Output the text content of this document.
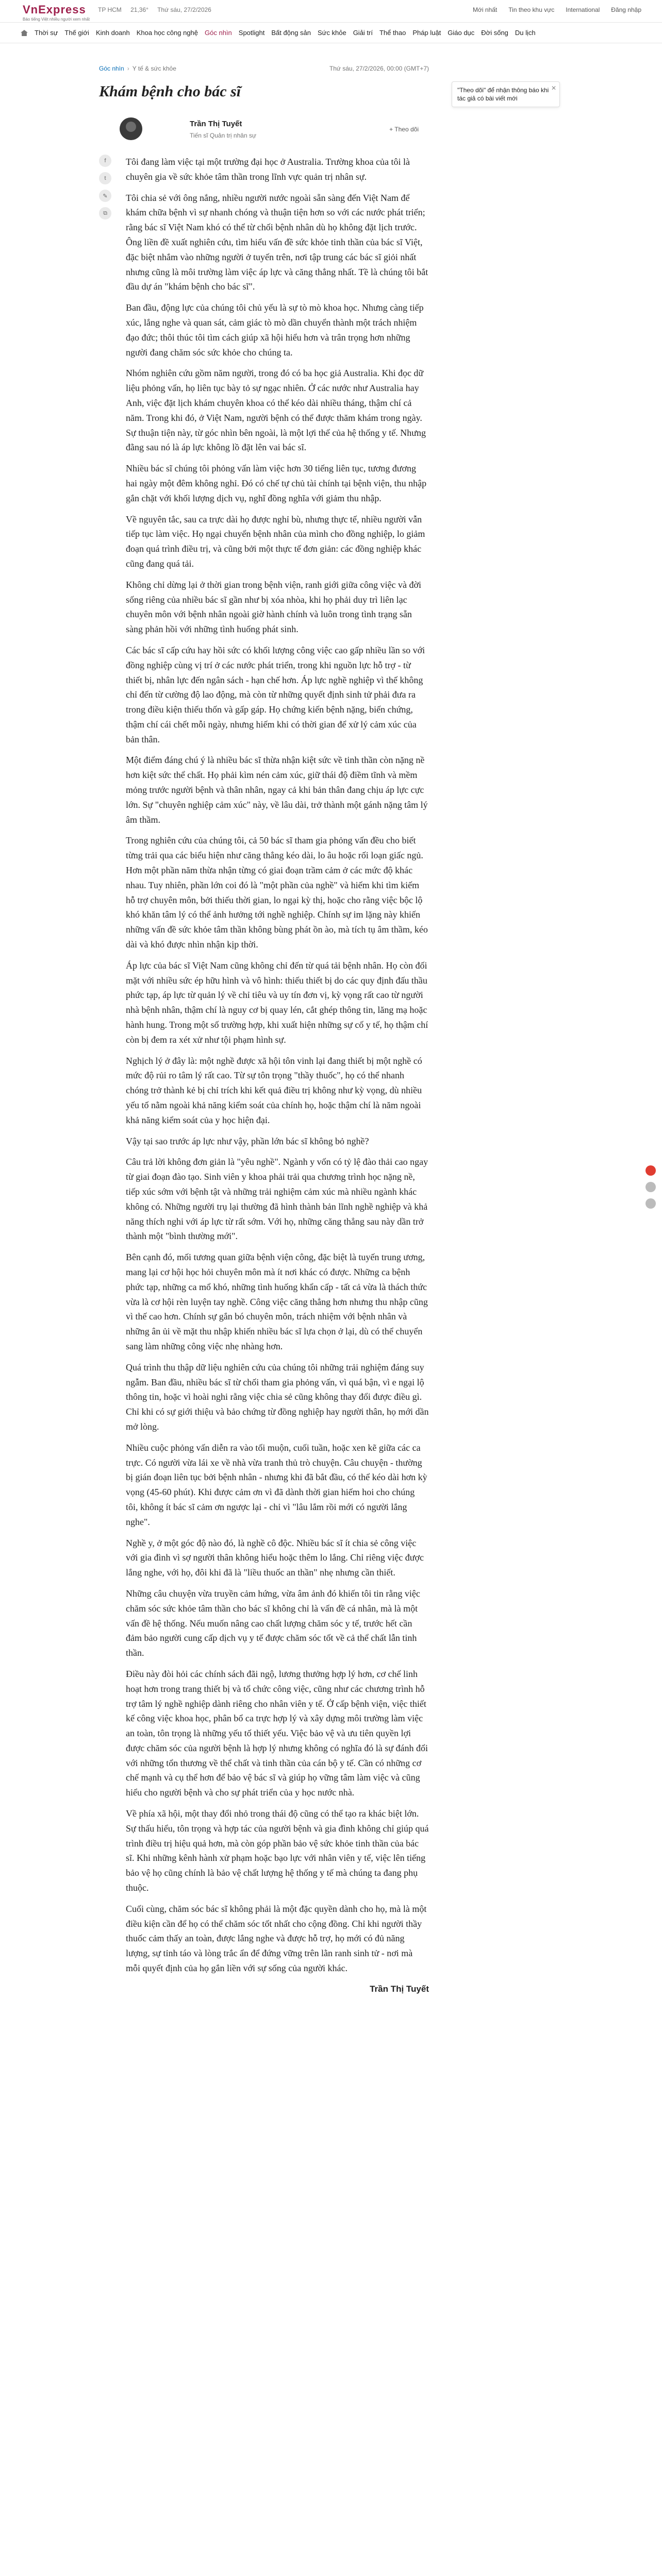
VnExpress
Báo tiếng Việt nhiều người xem nhất
TP HCM 21,36° Thứ sáu, 27/2/2026	Mới nhất Tin theo khu vực International Đăng nhập
Thời sự Thế giới Kinh doanh Khoa học công nghệ Góc nhìn Spotlight Bất động sản Sức khỏe Giải trí Thể thao Pháp luật Giáo dục Đời sống Du lịch
Góc nhìn › Y tế & sức khỏe	Thứ sáu, 27/2/2026, 00:00 (GMT+7)
Khám bệnh cho bác sĩ	"Theo dõi" để nhận thông báo khi tác giả có bài viết mới
✕
Trần Thị Tuyết
Tiến sĩ Quản trị nhân sự
+ Theo dõi
f
t
✎
⧉

Tôi đang làm việc tại một trường đại học ở Australia. Trường khoa của tôi là chuyên gia về sức khỏe tâm thần trong lĩnh vực quản trị nhân sự.

Tôi chia sẻ với ông nắng, nhiều người nước ngoài sẵn sàng đến Việt Nam để khám chữa bệnh vì sự nhanh chóng và thuận tiện hơn so với các nước phát triển; rằng bác sĩ Việt Nam khó có thể từ chối bệnh nhân dù họ không đặt lịch trước. Ông liền đề xuất nghiên cứu, tìm hiểu vấn đề sức khỏe tinh thần của bác sĩ Việt, đặc biệt nhắm vào những người ở tuyến trên, nơi tập trung các bác sĩ giỏi nhất nhưng cũng là môi trường làm việc áp lực và căng thẳng nhất. Tề là chúng tôi bắt đầu dự án "khám bệnh cho bác sĩ".

Ban đầu, động lực của chúng tôi chủ yếu là sự tò mò khoa học. Nhưng càng tiếp xúc, lắng nghe và quan sát, cảm giác tò mò dần chuyển thành một trách nhiệm đạo đức; thôi thúc tôi tìm cách giúp xã hội hiểu hơn và trân trọng hơn những người đang chăm sóc sức khỏe cho chúng ta.

Nhóm nghiên cứu gồm năm người, trong đó có ba học giả Australia. Khi đọc dữ liệu phỏng vấn, họ liên tục bày tỏ sự ngạc nhiên. Ở các nước như Australia hay Anh, việc đặt lịch khám chuyên khoa có thể kéo dài nhiều tháng, thậm chí cả năm. Trong khi đó, ở Việt Nam, người bệnh có thể được thăm khám trong ngày. Sự thuận tiện này, từ góc nhìn bên ngoài, là một lợi thế của hệ thống y tế. Nhưng đằng sau nó là áp lực không lồ đặt lên vai bác sĩ.

Nhiều bác sĩ chúng tôi phỏng vấn làm việc hơn 30 tiếng liên tục, tương đương hai ngày một đêm không nghỉ. Đó có chế tự chủ tài chính tại bệnh viện, thu nhập gắn chặt với khối lượng dịch vụ, nghĩ đồng nghĩa với giảm thu nhập.

Về nguyên tắc, sau ca trực dài họ được nghỉ bù, nhưng thực tế, nhiều người vẫn tiếp tục làm việc. Họ ngại chuyển bệnh nhân của mình cho đồng nghiệp, lo giảm đoạn quá trình điều trị, và cũng bởi một thực tế đơn giản: các đồng nghiệp khác cũng đang quá tải.

Không chỉ dừng lại ở thời gian trong bệnh viện, ranh giới giữa công việc và đời sống riêng của nhiều bác sĩ gần như bị xóa nhòa, khi họ phải duy trì liên lạc chuyên môn với bệnh nhân ngoài giờ hành chính và luôn trong tình trạng sẵn sàng phản hồi với những tình huống phát sinh.

Các bác sĩ cấp cứu hay hồi sức có khối lượng công việc cao gấp nhiều lần so với đồng nghiệp cùng vị trí ở các nước phát triển, trong khi nguồn lực hỗ trợ - từ thiết bị, nhân lực đến ngân sách - hạn chế hơn. Áp lực nghề nghiệp vì thế không chỉ đến từ cường độ lao động, mà còn từ những quyết định sinh tử phải đưa ra trong điều kiện thiếu thốn và gấp gáp. Họ chứng kiến bệnh nặng, biến chứng, thậm chí cái chết mỗi ngày, nhưng hiếm khi có thời gian để xử lý cảm xúc của bản thân.

Một điểm đáng chú ý là nhiều bác sĩ thừa nhận kiệt sức về tinh thần còn nặng nề hơn kiệt sức thể chất. Họ phải kìm nén cảm xúc, giữ thái độ điềm tĩnh và mềm mỏng trước người bệnh và thân nhân, ngay cả khi bản thân đang chịu áp lực cực lớn. Sự "chuyên nghiệp cảm xúc" này, về lâu dài, trở thành một gánh nặng tâm lý âm thầm.

Trong nghiên cứu của chúng tôi, cả 50 bác sĩ tham gia phỏng vấn đều cho biết từng trải qua các biểu hiện như căng thẳng kéo dài, lo âu hoặc rối loạn giấc ngủ. Hơn một phần năm thừa nhận từng có giai đoạn trầm cảm ở các mức độ khác nhau. Tuy nhiên, phần lớn coi đó là "một phần của nghề" và hiếm khi tìm kiếm hỗ trợ chuyên môn, bởi thiếu thời gian, lo ngại kỳ thị, hoặc cho rằng việc bộc lộ khó khăn tâm lý có thể ảnh hưởng tới nghề nghiệp. Chính sự im lặng này khiến những vấn đề sức khỏe tâm thần không bùng phát ồn ào, mà tích tụ âm thầm, kéo dài và khó được nhìn nhận kịp thời.

Áp lực của bác sĩ Việt Nam cũng không chỉ đến từ quá tải bệnh nhân. Họ còn đối mặt với nhiều sức ép hữu hình và vô hình: thiếu thiết bị do các quy định đấu thầu phức tạp, áp lực từ quản lý về chỉ tiêu và uy tín đơn vị, kỳ vọng rất cao từ người nhà bệnh nhân, thậm chí là nguy cơ bị quay lén, cắt ghép thông tin, lăng mạ hoặc hành hung. Trong một số trường hợp, khi xuất hiện những sự cố y tế, họ thậm chí còn bị đem ra xét xử như tội phạm hình sự.

Nghịch lý ở đây là: một nghề được xã hội tôn vinh lại đang thiết bị một nghề có mức độ rủi ro tâm lý rất cao. Từ sự tôn trọng "thầy thuốc", họ có thể nhanh chóng trở thành kẻ bị chỉ trích khi kết quả điều trị không như kỳ vọng, dù nhiều yếu tố nằm ngoài khả năng kiểm soát của chính họ, hoặc thậm chí là năm ngoài khả năng kiểm soát của y học hiện đại.

Vậy tại sao trước áp lực như vậy, phần lớn bác sĩ không bỏ nghề?

Câu trả lời không đơn giản là "yêu nghề". Ngành y vốn có tỷ lệ đào thải cao ngay từ giai đoạn đào tạo. Sinh viên y khoa phải trải qua chương trình học nặng nề, tiếp xúc sớm với bệnh tật và những trải nghiệm cảm xúc mà nhiều ngành khác không có. Những người trụ lại thường đã hình thành bản lĩnh nghề nghiệp và khả năng thích nghi với áp lực từ rất sớm. Với họ, những căng thẳng sau này dần trở thành một "bình thường mới".

Bên cạnh đó, mối tương quan giữa bệnh viện công, đặc biệt là tuyến trung ương, mang lại cơ hội học hỏi chuyên môn mà ít nơi khác có được. Những ca bệnh phức tạp, những ca mổ khó, những tình huống khẩn cấp - tất cả vừa là thách thức vừa là cơ hội rèn luyện tay nghề. Công việc căng thẳng hơn nhưng thu nhập cũng vì thế cao hơn. Chính sự gắn bó chuyên môn, trách nhiệm với bệnh nhân và những ân ủi về mặt thu nhập khiến nhiều bác sĩ lựa chọn ở lại, dù có thể chuyển sang làm những công việc nhẹ nhàng hơn.

Quá trình thu thập dữ liệu nghiên cứu của chúng tôi những trải nghiệm đáng suy ngẫm. Ban đầu, nhiều bác sĩ từ chối tham gia phỏng vấn, vì quá bận, vì e ngại lộ thông tin, hoặc vì hoài nghi rằng việc chia sẻ cũng không thay đổi được điều gì. Chỉ khi có sự giới thiệu và bảo chứng từ đồng nghiệp hay người thân, họ mới dần mở lòng.

Nhiều cuộc phỏng vấn diễn ra vào tối muộn, cuối tuần, hoặc xen kẽ giữa các ca trực. Có người vừa lái xe về nhà vừa tranh thủ trò chuyện. Câu chuyện - thường bị gián đoạn liên tục bởi bệnh nhân - nhưng khi đã bắt đầu, có thể kéo dài hơn kỳ vọng (45-60 phút). Khi được cảm ơn vì đã dành thời gian hiếm hoi cho chúng tôi, không ít bác sĩ cảm ơn ngược lại - chỉ vì "lâu lắm rồi mới có người lắng nghe".

Nghề y, ở một góc độ nào đó, là nghề cô độc. Nhiều bác sĩ ít chia sẻ công việc với gia đình vì sợ người thân không hiểu hoặc thêm lo lắng. Chỉ riêng việc được lắng nghe, với họ, đôi khi đã là "liều thuốc an thần" nhẹ nhưng cần thiết.

Những câu chuyện vừa truyền cảm hứng, vừa âm ảnh đó khiến tôi tin rằng việc chăm sóc sức khỏe tâm thần cho bác sĩ không chỉ là vấn đề cá nhân, mà là một vấn đề hệ thống. Nếu muốn nâng cao chất lượng chăm sóc y tế, trước hết cần đảm bảo người cung cấp dịch vụ y tế được chăm sóc tốt về cả thể chất lẫn tinh thần.

Điều này đòi hỏi các chính sách đãi ngộ, lương thưởng hợp lý hơn, cơ chế linh hoạt hơn trong trang thiết bị và tổ chức công việc, cũng như các chương trình hỗ trợ tâm lý nghề nghiệp dành riêng cho nhân viên y tế. Ở cấp bệnh viện, việc thiết kế công việc khoa học, phân bổ ca trực hợp lý và xây dựng môi trường làm việc an toàn, tôn trọng là những yếu tố thiết yếu. Việc bảo vệ và ưu tiên quyền lợi được chăm sóc của người bệnh là hợp lý nhưng không có nghĩa đó là sự đánh đổi với những tổn thương về thể chất và tinh thần của cán bộ y tế. Cần có những cơ chế mạnh và cụ thể hơn để bảo vệ bác sĩ và giúp họ vững tâm làm việc và cũng hiểu cho người bệnh và cho sự phát triển của y học nước nhà.

Về phía xã hội, một thay đổi nhỏ trong thái độ cũng có thể tạo ra khác biệt lớn. Sự thấu hiểu, tôn trọng và hợp tác của người bệnh và gia đình không chỉ giúp quá trình điều trị hiệu quả hơn, mà còn góp phần bảo vệ sức khỏe tinh thần của bác sĩ. Khi những kênh hành xử phạm hoặc bạo lực với nhân viên y tế, việc lên tiếng bảo vệ họ cũng chính là bảo vệ chất lượng hệ thống y tế mà chúng ta đang phụ thuộc.

Cuối cùng, chăm sóc bác sĩ không phải là một đặc quyền dành cho họ, mà là một điều kiện cần để họ có thể chăm sóc tốt nhất cho cộng đồng. Chỉ khi người thầy thuốc cảm thấy an toàn, được lắng nghe và được hỗ trợ, họ mới có đủ năng lượng, sự tỉnh táo và lòng trắc ẩn để đứng vững trên lằn ranh sinh tử - nơi mà mỗi quyết định của họ gắn liền với sự sống của người khác.

Trần Thị Tuyết
